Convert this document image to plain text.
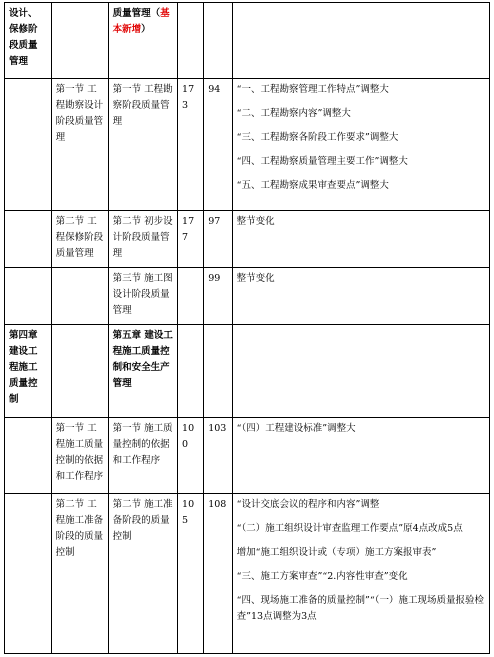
设计、保修阶段质量管理		质量管理（基本新增）			
	第一节 工程勘察设计阶段质量管理	第一节 工程勘察阶段质量管理	173	94	“一、工程勘察管理工作特点”调整大

“二、工程勘察内容”调整大

“三、工程勘察各阶段工作要求”调整大

“四、工程勘察质量管理主要工作”调整大

“五、工程勘察成果审查要点”调整大

	第二节 工程保修阶段质量管理	第二节 初步设计阶段质量管理	177	97	整节变化

		第三节 施工图设计阶段质量管理		99	整节变化

第四章 建设工程施工质量控制		第五章 建设工程施工质量控制和安全生产管理			
	第一节 工程施工质量控制的依据和工作程序	第一节 施工质量控制的依据和工作程序	100	103	“（四）工程建设标准”调整大

	第二节 工程施工准备阶段的质量控制	第二节 施工准备阶段的质量控制	105	108	“设计交底会议的程序和内容”调整

“（二）施工组织设计审查监理工作要点”原4点改成5点

增加“施工组织设计或（专项）施工方案报审表”

“三、施工方案审查”“2.内容性审查”变化

“四、现场施工准备的质量控制”“（一）施工现场质量报验检查”13点调整为3点
